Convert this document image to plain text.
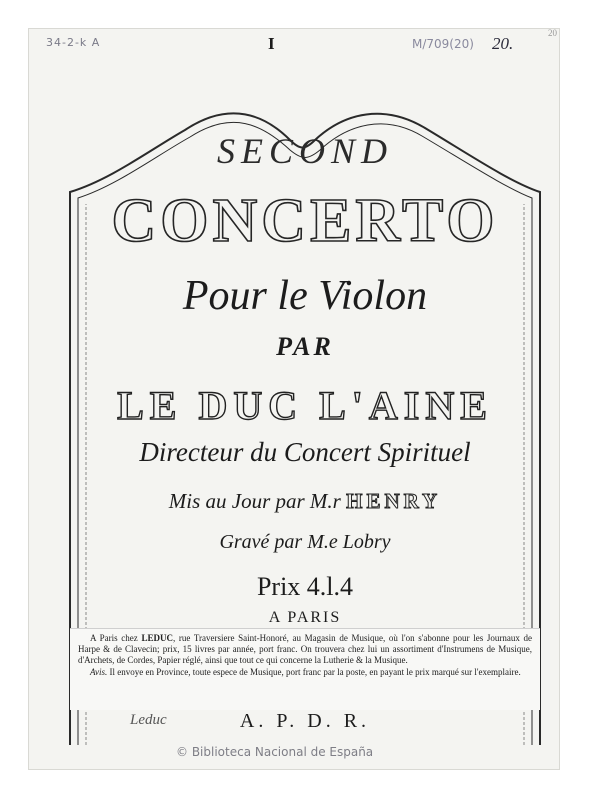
34-2-k A	I	M/709(20) 20.
20
SECOND
CONCERTO
Pour le Violon
PAR
LE DUC L'AINE
Directeur du Concert Spirituel
Mis au Jour par M.r HENRY
Gravé par M.e Lobry
Prix 4.l.4
A PARIS

A Paris chez LEDUC, rue Traversiere Saint-Honoré, au Magasin de Musique, où l'on s'abonne pour les Journaux de Harpe & de Clavecin; prix, 15 livres par année, port franc. On trouvera chez lui un assortiment d'Instrumens de Musique, d'Archets, de Cordes, Papier réglé, ainsi que tout ce qui concerne la Lutherie & la Musique.

Avis. Il envoye en Province, toute espece de Musique, port franc par la poste, en payant le prix marqué sur l'exemplaire.

Leduc	A. P. D. R.
© Biblioteca Nacional de España
